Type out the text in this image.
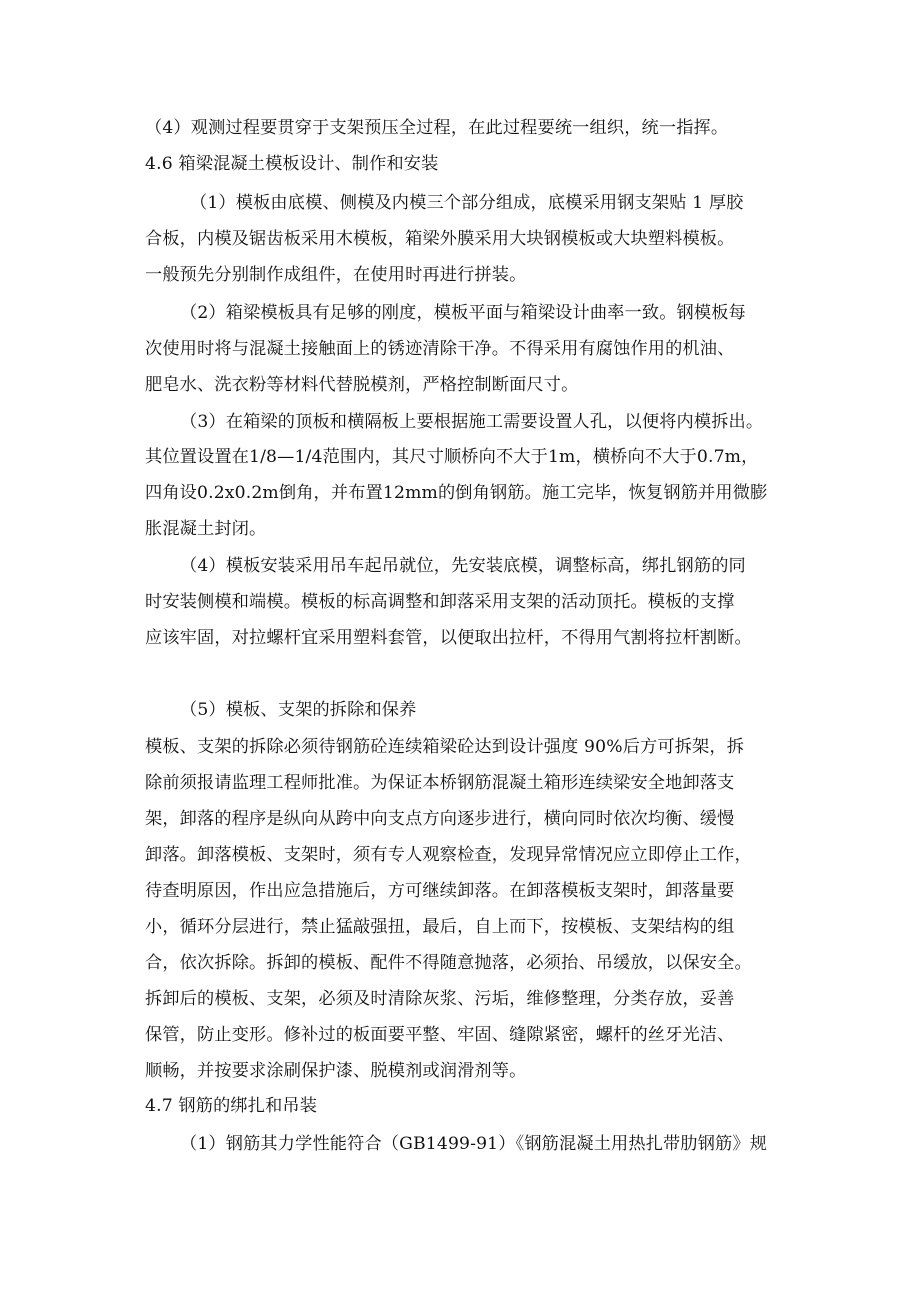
（4）观测过程要贯穿于支架预压全过程，在此过程要统一组织，统一指挥。
4.6 箱梁混凝土模板设计、制作和安装
（1）模板由底模、侧模及内模三个部分组成，底模采用钢支架贴 1 厚胶
合板，内模及锯齿板采用木模板，箱梁外膜采用大块钢模板或大块塑料模板。
一般预先分别制作成组件，在使用时再进行拼装。
（2）箱梁模板具有足够的刚度，模板平面与箱梁设计曲率一致。钢模板每
次使用时将与混凝土接触面上的锈迹清除干净。不得采用有腐蚀作用的机油、
肥皂水、洗衣粉等材料代替脱模剂，严格控制断面尺寸。
（3）在箱梁的顶板和横隔板上要根据施工需要设置人孔，以便将内模拆出。
其位置设置在1/8—1/4范围内，其尺寸顺桥向不大于1m，横桥向不大于0.7m，
四角设0.2x0.2m倒角，并布置12mm的倒角钢筋。施工完毕，恢复钢筋并用微膨
胀混凝土封闭。
（4）模板安装采用吊车起吊就位，先安装底模，调整标高，绑扎钢筋的同
时安装侧模和端模。模板的标高调整和卸落采用支架的活动顶托。模板的支撑
应该牢固，对拉螺杆宜采用塑料套管，以便取出拉杆，不得用气割将拉杆割断。
（5）模板、支架的拆除和保养
模板、支架的拆除必须待钢筋砼连续箱梁砼达到设计强度 90%后方可拆架，拆
除前须报请监理工程师批准。为保证本桥钢筋混凝土箱形连续梁安全地卸落支
架，卸落的程序是纵向从跨中向支点方向逐步进行，横向同时依次均衡、缓慢
卸落。卸落模板、支架时，须有专人观察检查，发现异常情况应立即停止工作，
待查明原因，作出应急措施后，方可继续卸落。在卸落模板支架时，卸落量要
小，循环分层进行，禁止猛敲强扭，最后，自上而下，按模板、支架结构的组
合，依次拆除。拆卸的模板、配件不得随意抛落，必须抬、吊缓放，以保安全。
拆卸后的模板、支架，必须及时清除灰浆、污垢，维修整理，分类存放，妥善
保管，防止变形。修补过的板面要平整、牢固、缝隙紧密，螺杆的丝牙光洁、
顺畅，并按要求涂刷保护漆、脱模剂或润滑剂等。
4.7 钢筋的绑扎和吊装
（1）钢筋其力学性能符合（GB1499-91）《钢筋混凝土用热扎带肋钢筋》规
